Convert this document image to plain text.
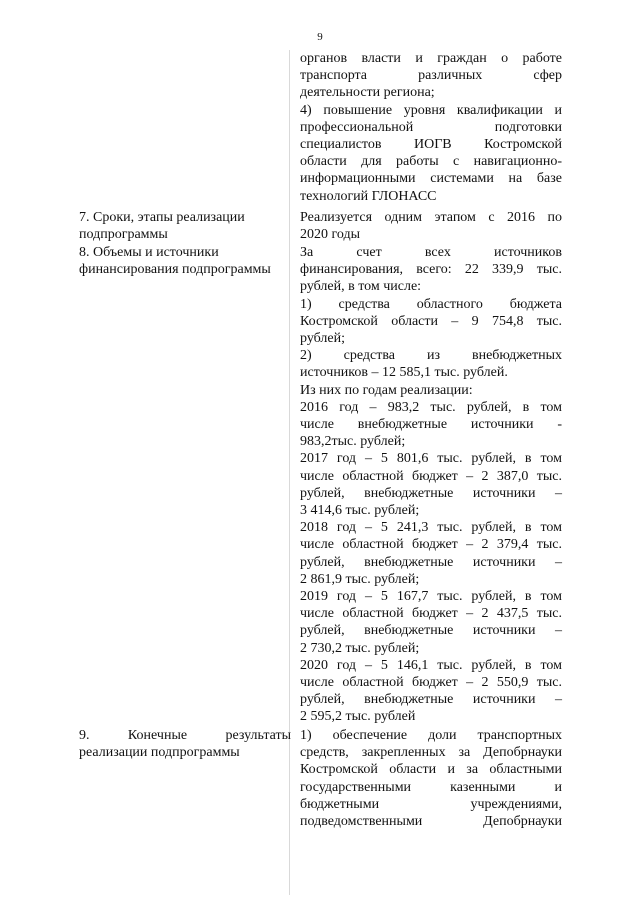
9
органов власти и граждан о работе
транспорта различных сфер
деятельности региона;
4) повышение уровня квалификации и
профессиональной подготовки
специалистов ИОГВ Костромской
области для работы с навигационно-
информационными системами на базе
технологий ГЛОНАСС
7. Сроки, этапы реализации
подпрограммы
Реализуется одним этапом с 2016 по
2020 годы
8. Объемы и источники
финансирования подпрограммы
За счет всех источников
финансирования, всего: 22 339,9 тыс.
рублей, в том числе:
1) средства областного бюджета
Костромской области – 9 754,8 тыс.
рублей;
2) средства из внебюджетных
источников – 12 585,1 тыс. рублей.
Из них по годам реализации:
2016 год – 983,2 тыс. рублей, в том
числе внебюджетные источники -
983,2тыс. рублей;
2017 год – 5 801,6 тыс. рублей, в том
числе областной бюджет – 2 387,0 тыс.
рублей, внебюджетные источники –
3 414,6 тыс. рублей;
2018 год – 5 241,3 тыс. рублей, в том
числе областной бюджет – 2 379,4 тыс.
рублей, внебюджетные источники –
2 861,9 тыс. рублей;
2019 год – 5 167,7 тыс. рублей, в том
числе областной бюджет – 2 437,5 тыс.
рублей, внебюджетные источники –
2 730,2 тыс. рублей;
2020 год – 5 146,1 тыс. рублей, в том
числе областной бюджет – 2 550,9 тыс.
рублей, внебюджетные источники –
2 595,2 тыс. рублей
9. Конечные результаты
реализации подпрограммы
1) обеспечение доли транспортных
средств, закрепленных за Депобрнауки
Костромской области и за областными
государственными казенными и
бюджетными учреждениями,
подведомственными Депобрнауки
